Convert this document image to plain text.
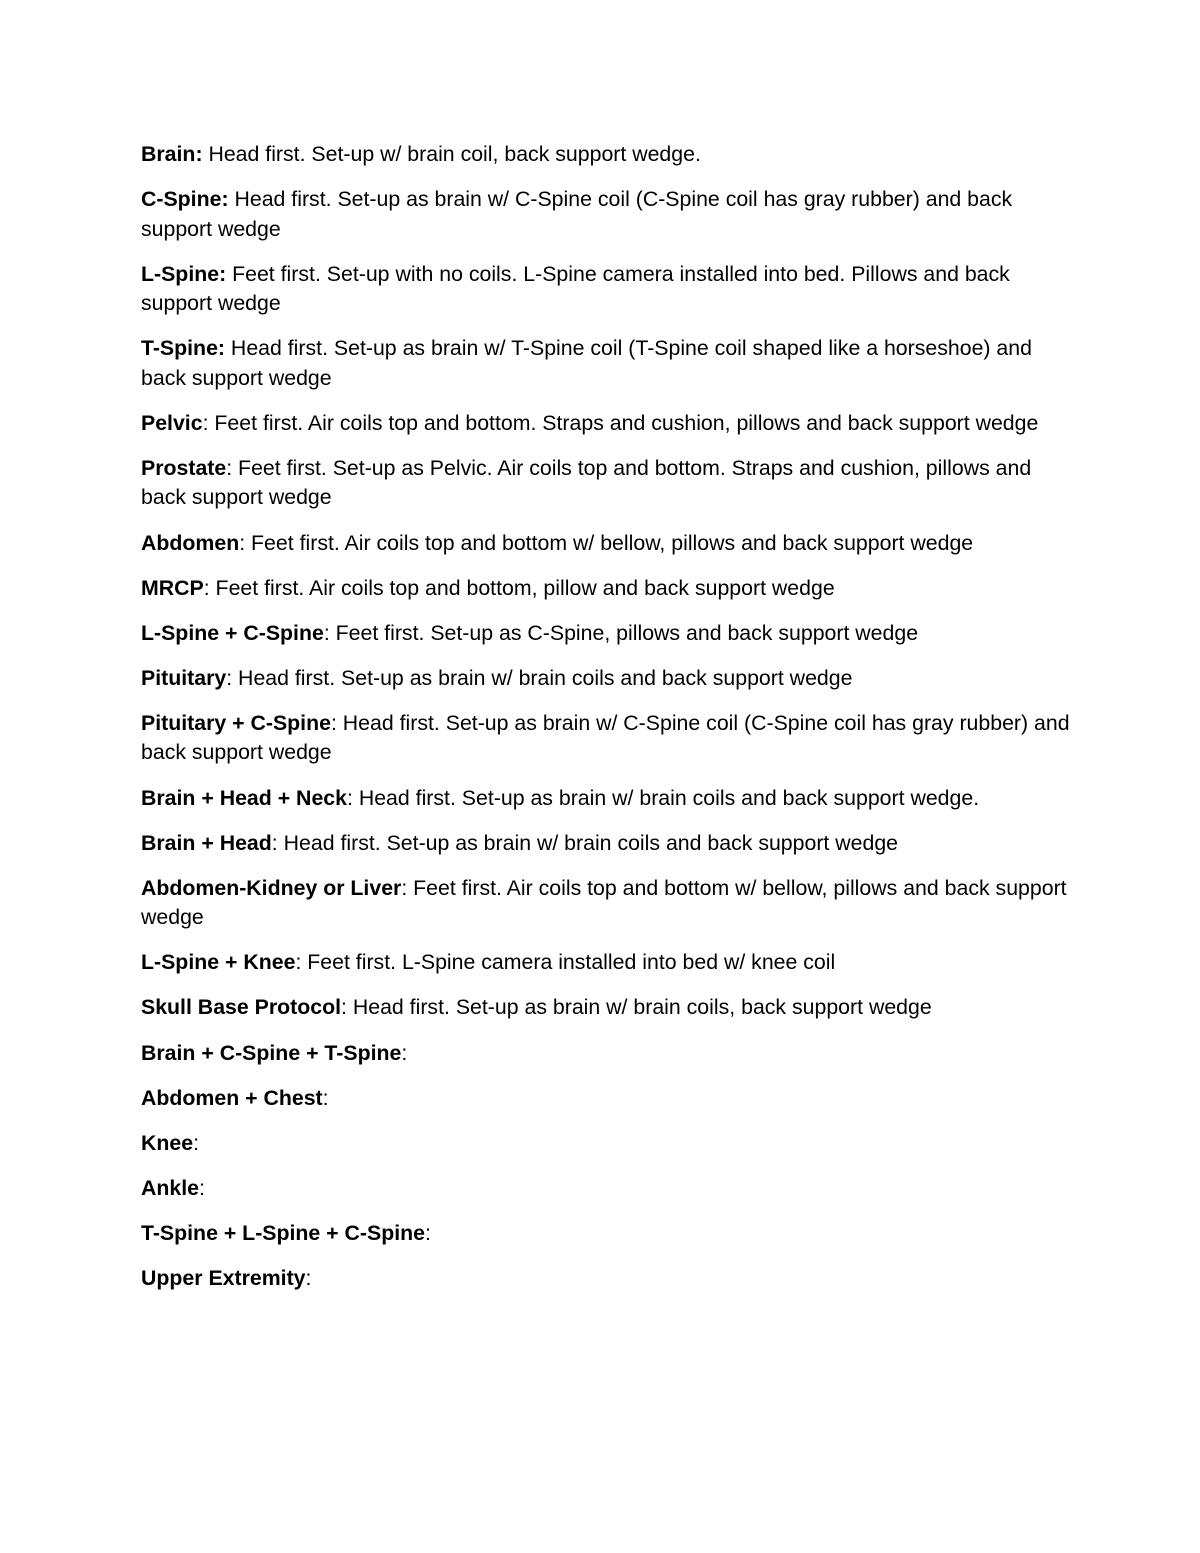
Brain: Head first. Set-up w/ brain coil, back support wedge.

C-Spine: Head first. Set-up as brain w/ C-Spine coil (C-Spine coil has gray rubber) and back support wedge

L-Spine: Feet first. Set-up with no coils. L-Spine camera installed into bed. Pillows and back support wedge

T-Spine: Head first. Set-up as brain w/ T-Spine coil (T-Spine coil shaped like a horseshoe) and back support wedge

Pelvic: Feet first. Air coils top and bottom. Straps and cushion, pillows and back support wedge

Prostate: Feet first. Set-up as Pelvic. Air coils top and bottom. Straps and cushion, pillows and back support wedge

Abdomen: Feet first. Air coils top and bottom w/ bellow, pillows and back support wedge

MRCP: Feet first. Air coils top and bottom, pillow and back support wedge

L-Spine + C-Spine: Feet first. Set-up as C-Spine, pillows and back support wedge

Pituitary: Head first. Set-up as brain w/ brain coils and back support wedge

Pituitary + C-Spine: Head first. Set-up as brain w/ C-Spine coil (C-Spine coil has gray rubber) and back support wedge

Brain + Head + Neck: Head first. Set-up as brain w/ brain coils and back support wedge.

Brain + Head: Head first. Set-up as brain w/ brain coils and back support wedge

Abdomen-Kidney or Liver: Feet first. Air coils top and bottom w/ bellow, pillows and back support wedge

L-Spine + Knee: Feet first. L-Spine camera installed into bed w/ knee coil

Skull Base Protocol: Head first. Set-up as brain w/ brain coils, back support wedge

Brain + C-Spine + T-Spine:

Abdomen + Chest:

Knee:

Ankle:

T-Spine + L-Spine + C-Spine:

Upper Extremity:
